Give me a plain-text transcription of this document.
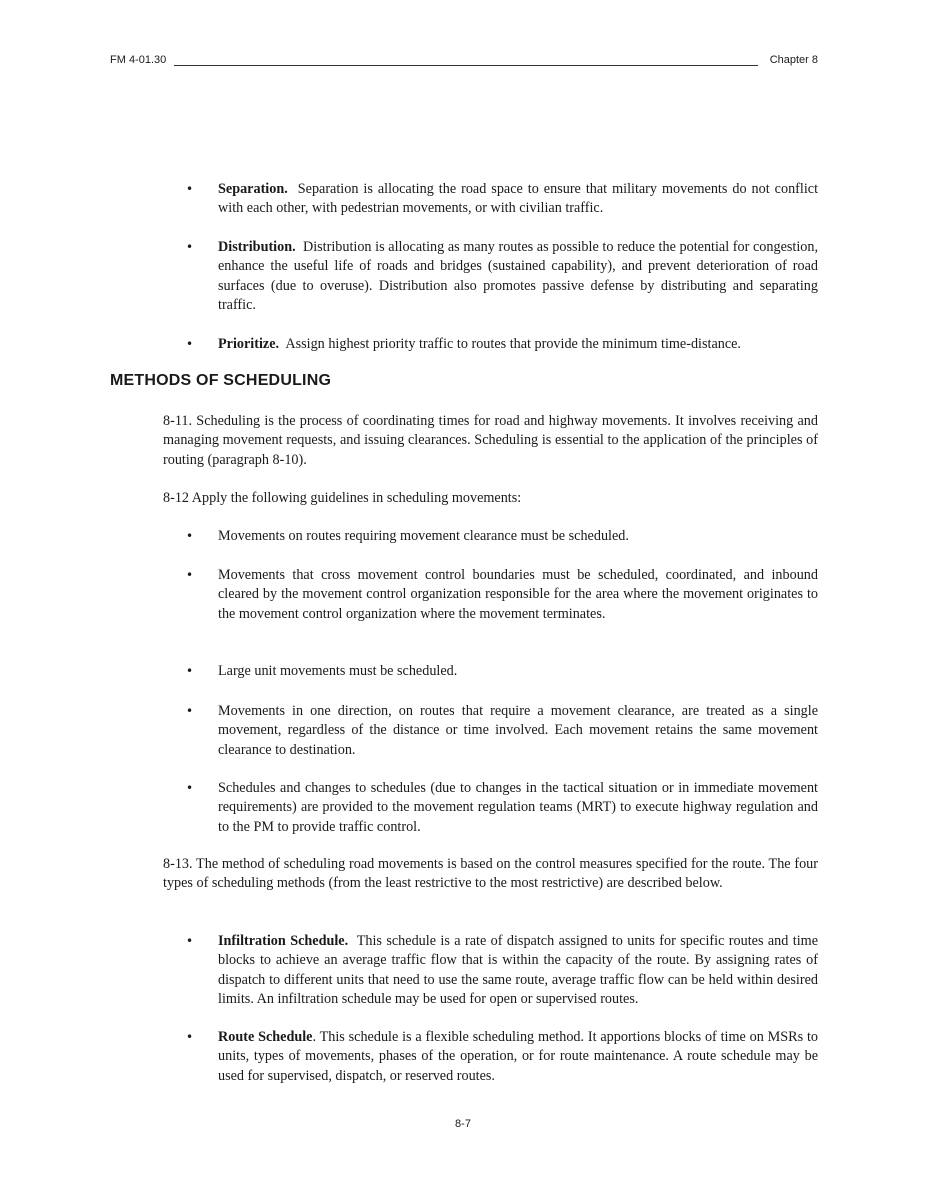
FM 4-01.30	Chapter 8
• Separation. Separation is allocating the road space to ensure that military movements do not conflict with each other, with pedestrian movements, or with civilian traffic.
• Distribution. Distribution is allocating as many routes as possible to reduce the potential for congestion, enhance the useful life of roads and bridges (sustained capability), and prevent deterioration of road surfaces (due to overuse). Distribution also promotes passive defense by distributing and separating traffic.
• Prioritize. Assign highest priority traffic to routes that provide the minimum time-distance.
METHODS OF SCHEDULING
8-11. Scheduling is the process of coordinating times for road and highway movements. It involves receiving and managing movement requests, and issuing clearances. Scheduling is essential to the application of the principles of routing (paragraph 8-10).
8-12 Apply the following guidelines in scheduling movements:
• Movements on routes requiring movement clearance must be scheduled.
• Movements that cross movement control boundaries must be scheduled, coordinated, and inbound cleared by the movement control organization responsible for the area where the movement originates to the movement control organization where the movement terminates.
• Large unit movements must be scheduled.
• Movements in one direction, on routes that require a movement clearance, are treated as a single movement, regardless of the distance or time involved. Each movement retains the same movement clearance to destination.
• Schedules and changes to schedules (due to changes in the tactical situation or in immediate movement requirements) are provided to the movement regulation teams (MRT) to execute highway regulation and to the PM to provide traffic control.
8-13. The method of scheduling road movements is based on the control measures specified for the route. The four types of scheduling methods (from the least restrictive to the most restrictive) are described below.
• Infiltration Schedule. This schedule is a rate of dispatch assigned to units for specific routes and time blocks to achieve an average traffic flow that is within the capacity of the route. By assigning rates of dispatch to different units that need to use the same route, average traffic flow can be held within desired limits. An infiltration schedule may be used for open or supervised routes.
• Route Schedule. This schedule is a flexible scheduling method. It apportions blocks of time on MSRs to units, types of movements, phases of the operation, or for route maintenance. A route schedule may be used for supervised, dispatch, or reserved routes.
8-7
